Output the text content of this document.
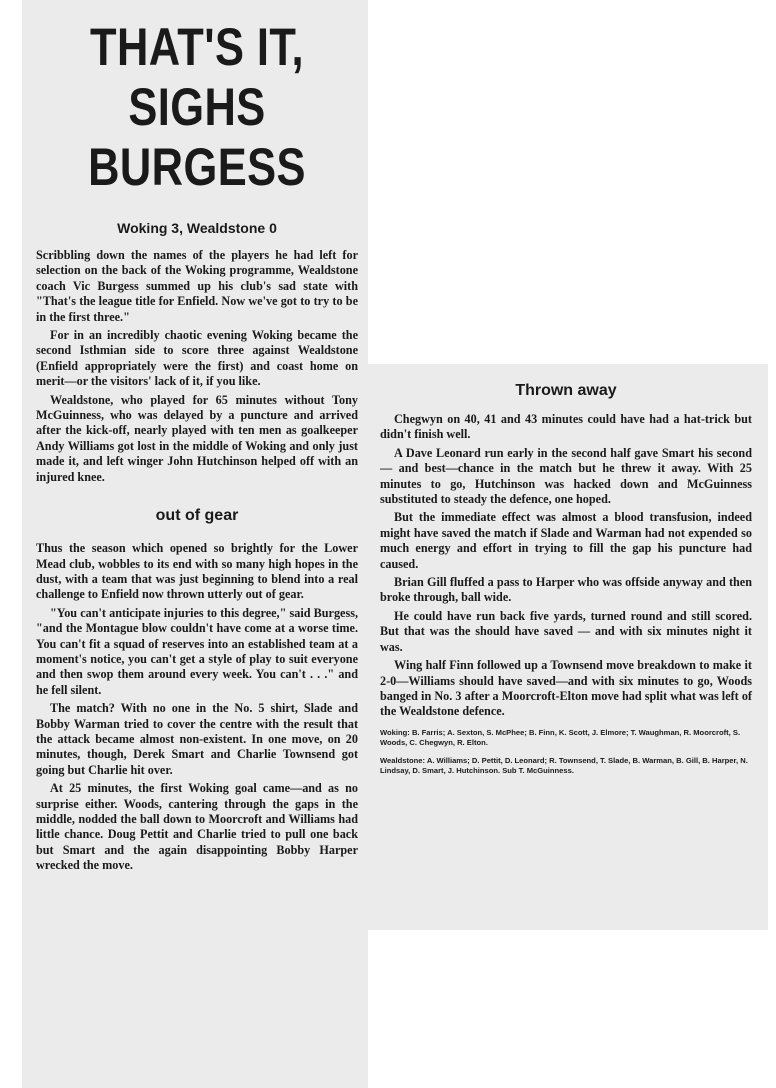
THAT'S IT,
SIGHS
BURGESS
Woking 3, Wealdstone 0

Scribbling down the names of the players he had left for selection on the back of the Woking programme, Wealdstone coach Vic Burgess summed up his club's sad state with "That's the league title for Enfield. Now we've got to try to be in the first three."

For in an incredibly chaotic evening Woking became the second Isthmian side to score three against Wealdstone (Enfield appropriately were the first) and coast home on merit—or the visitors' lack of it, if you like.

Wealdstone, who played for 65 minutes without Tony McGuinness, who was delayed by a puncture and arrived after the kick-off, nearly played with ten men as goalkeeper Andy Williams got lost in the middle of Woking and only just made it, and left winger John Hutchinson helped off with an injured knee.

out of gear

Thus the season which opened so brightly for the Lower Mead club, wobbles to its end with so many high hopes in the dust, with a team that was just beginning to blend into a real challenge to Enfield now thrown utterly out of gear.

"You can't anticipate injuries to this degree," said Burgess, "and the Montague blow couldn't have come at a worse time. You can't fit a squad of reserves into an established team at a moment's notice, you can't get a style of play to suit everyone and then swop them around every week. You can't . . ." and he fell silent.

The match? With no one in the No. 5 shirt, Slade and Bobby Warman tried to cover the centre with the result that the attack became almost non-existent. In one move, on 20 minutes, though, Derek Smart and Charlie Townsend got going but Charlie hit over.

At 25 minutes, the first Woking goal came—and as no surprise either. Woods, cantering through the gaps in the middle, nodded the ball down to Moorcroft and Williams had little chance. Doug Pettit and Charlie tried to pull one back but Smart and the again disappointing Bobby Harper wrecked the move.

Thrown away

Chegwyn on 40, 41 and 43 minutes could have had a hat-trick but didn't finish well.

A Dave Leonard run early in the second half gave Smart his second — and best—chance in the match but he threw it away. With 25 minutes to go, Hutchinson was hacked down and McGuinness substituted to steady the defence, one hoped.

But the immediate effect was almost a blood transfusion, indeed might have saved the match if Slade and Warman had not expended so much energy and effort in trying to fill the gap his puncture had caused.

Brian Gill fluffed a pass to Harper who was offside anyway and then broke through, ball wide.

He could have run back five yards, turned round and still scored. But that was the should have saved — and with six minutes night it was.

Wing half Finn followed up a Townsend move breakdown to make it 2-0—Williams should have saved—and with six minutes to go, Woods banged in No. 3 after a Moorcroft-Elton move had split what was left of the Wealdstone defence.

Woking: B. Farris; A. Sexton, S. McPhee; B. Finn, K. Scott, J. Elmore; T. Waughman, R. Moorcroft, S. Woods, C. Chegwyn, R. Elton.
Wealdstone: A. Williams; D. Pettit, D. Leonard; R. Townsend, T. Slade, B. Warman, B. Gill, B. Harper, N. Lindsay, D. Smart, J. Hutchinson. Sub T. McGuinness.
